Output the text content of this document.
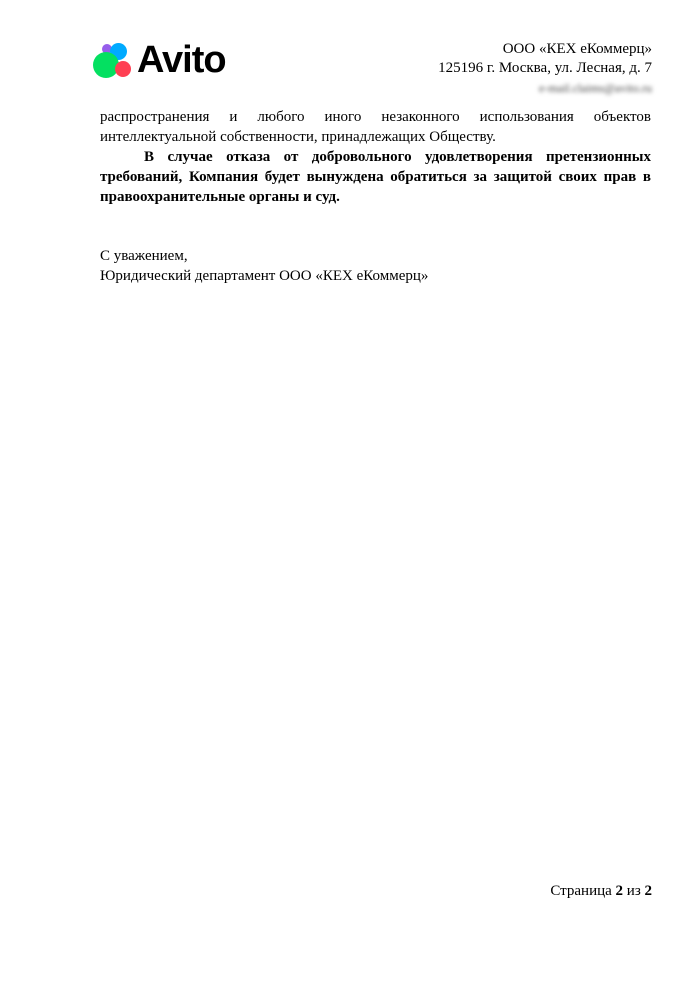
Avito	ООО «КЕХ еКоммерц»
125196 г. Москва, ул. Лесная, д. 7
e-mail.claims@avito.ru

распространения и любого иного незаконного использования объектов интеллектуальной собственности, принадлежащих Обществу.

В случае отказа от добровольного удовлетворения претензионных требований, Компания будет вынуждена обратиться за защитой своих прав в правоохранительные органы и суд.

С уважением,
Юридический департамент ООО «КЕХ еКоммерц»
Страница 2 из 2
